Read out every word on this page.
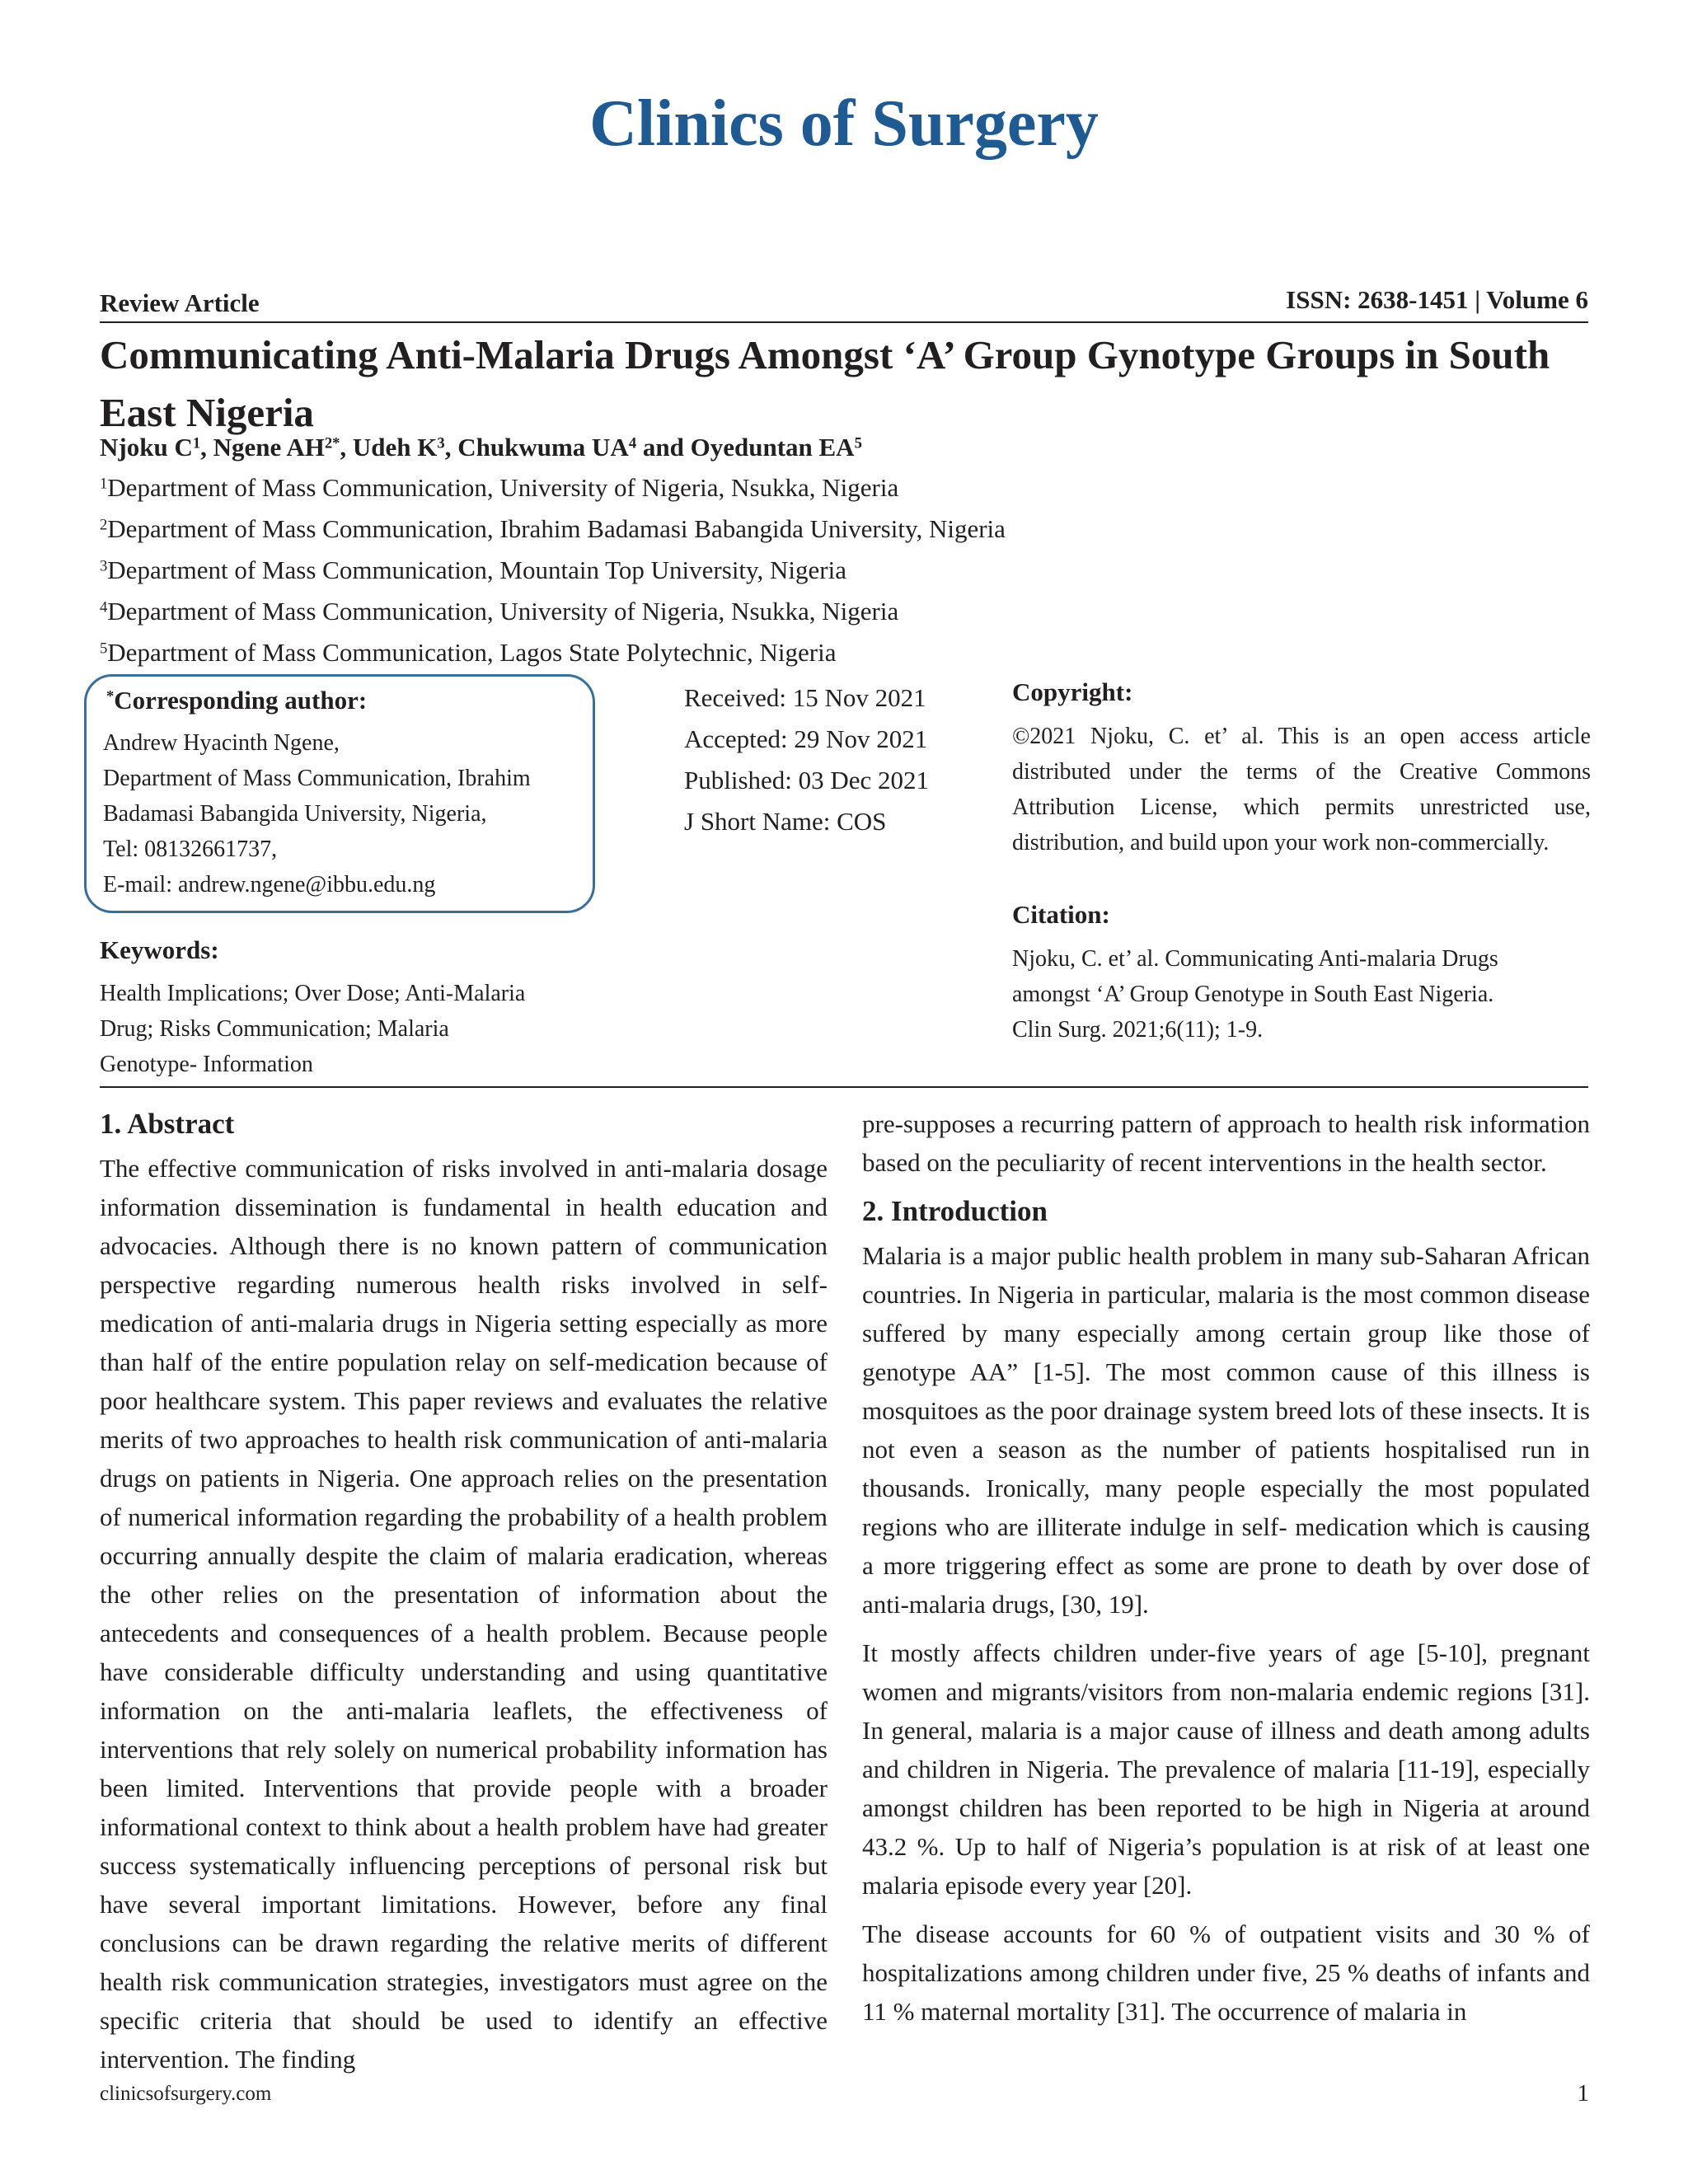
Clinics of Surgery
Review Article	ISSN: 2638-1451 | Volume 6
Communicating Anti-Malaria Drugs Amongst ‘A’ Group Gynotype Groups in South East Nigeria
Njoku $C^1$, Ngene $AH^{2*}$, Udeh $K^3$, Chukwuma $UA^4$ and Oyeduntan $EA^5$
$^1$Department of Mass Communication, University of Nigeria, Nsukka, Nigeria
$^2$Department of Mass Communication, Ibrahim Badamasi Babangida University, Nigeria
$^3$Department of Mass Communication, Mountain Top University, Nigeria
$^4$Department of Mass Communication, University of Nigeria, Nsukka, Nigeria
$^5$Department of Mass Communication, Lagos State Polytechnic, Nigeria
*Corresponding author:
Andrew Hyacinth Ngene,
Department of Mass Communication, Ibrahim
Badamasi Babangida University, Nigeria,
Tel: 08132661737,
E-mail: andrew.ngene@ibbu.edu.ng
Received: 15 Nov 2021
Accepted: 29 Nov 2021
Published: 03 Dec 2021
J Short Name: COS
Copyright:
©2021 Njoku, C. et’ al. This is an open access article distributed under the terms of the Creative Commons Attribution License, which permits unrestricted use, distribution, and build upon your work non-commercially.
Citation:
Njoku, C. et’ al. Communicating Anti-malaria Drugs
amongst ‘A’ Group Genotype in South East Nigeria.
Clin Surg. 2021;6(11); 1-9.
Keywords:
Health Implications; Over Dose; Anti-Malaria
Drug; Risks Communication; Malaria
Genotype- Information
1. Abstract

The effective communication of risks involved in anti-malaria dosage information dissemination is fundamental in health education and advocacies. Although there is no known pattern of communication perspective regarding numerous health risks involved in self-medication of anti-malaria drugs in Nigeria setting especially as more than half of the entire population relay on self-medication because of poor healthcare system. This paper reviews and evaluates the relative merits of two approaches to health risk communication of anti-malaria drugs on patients in Nigeria. One approach relies on the presentation of numerical information regarding the probability of a health problem occurring annually despite the claim of malaria eradication, whereas the other relies on the presentation of information about the antecedents and consequences of a health problem. Because people have considerable difficulty understanding and using quantitative information on the anti-malaria leaflets, the effectiveness of interventions that rely solely on numerical probability information has been limited. Interventions that provide people with a broader informational context to think about a health problem have had greater success systematically influencing perceptions of personal risk but have several important limitations. However, before any final conclusions can be drawn regarding the relative merits of different health risk communication strategies, investigators must agree on the specific criteria that should be used to identify an effective intervention. The finding

pre-supposes a recurring pattern of approach to health risk information based on the peculiarity of recent interventions in the health sector.

2. Introduction

Malaria is a major public health problem in many sub-Saharan African countries. In Nigeria in particular, malaria is the most common disease suffered by many especially among certain group like those of genotype AA” [1-5]. The most common cause of this illness is mosquitoes as the poor drainage system breed lots of these insects. It is not even a season as the number of patients hospitalised run in thousands. Ironically, many people especially the most populated regions who are illiterate indulge in self- medication which is causing a more triggering effect as some are prone to death by over dose of anti-malaria drugs, [30, 19].

It mostly affects children under-five years of age [5-10], pregnant women and migrants/visitors from non-malaria endemic regions [31]. In general, malaria is a major cause of illness and death among adults and children in Nigeria. The prevalence of malaria [11-19], especially amongst children has been reported to be high in Nigeria at around 43.2 %. Up to half of Nigeria’s population is at risk of at least one malaria episode every year [20].

The disease accounts for 60 % of outpatient visits and 30 % of hospitalizations among children under five, 25 % deaths of infants and 11 % maternal mortality [31]. The occurrence of malaria in

clinicsofsurgery.com	1
